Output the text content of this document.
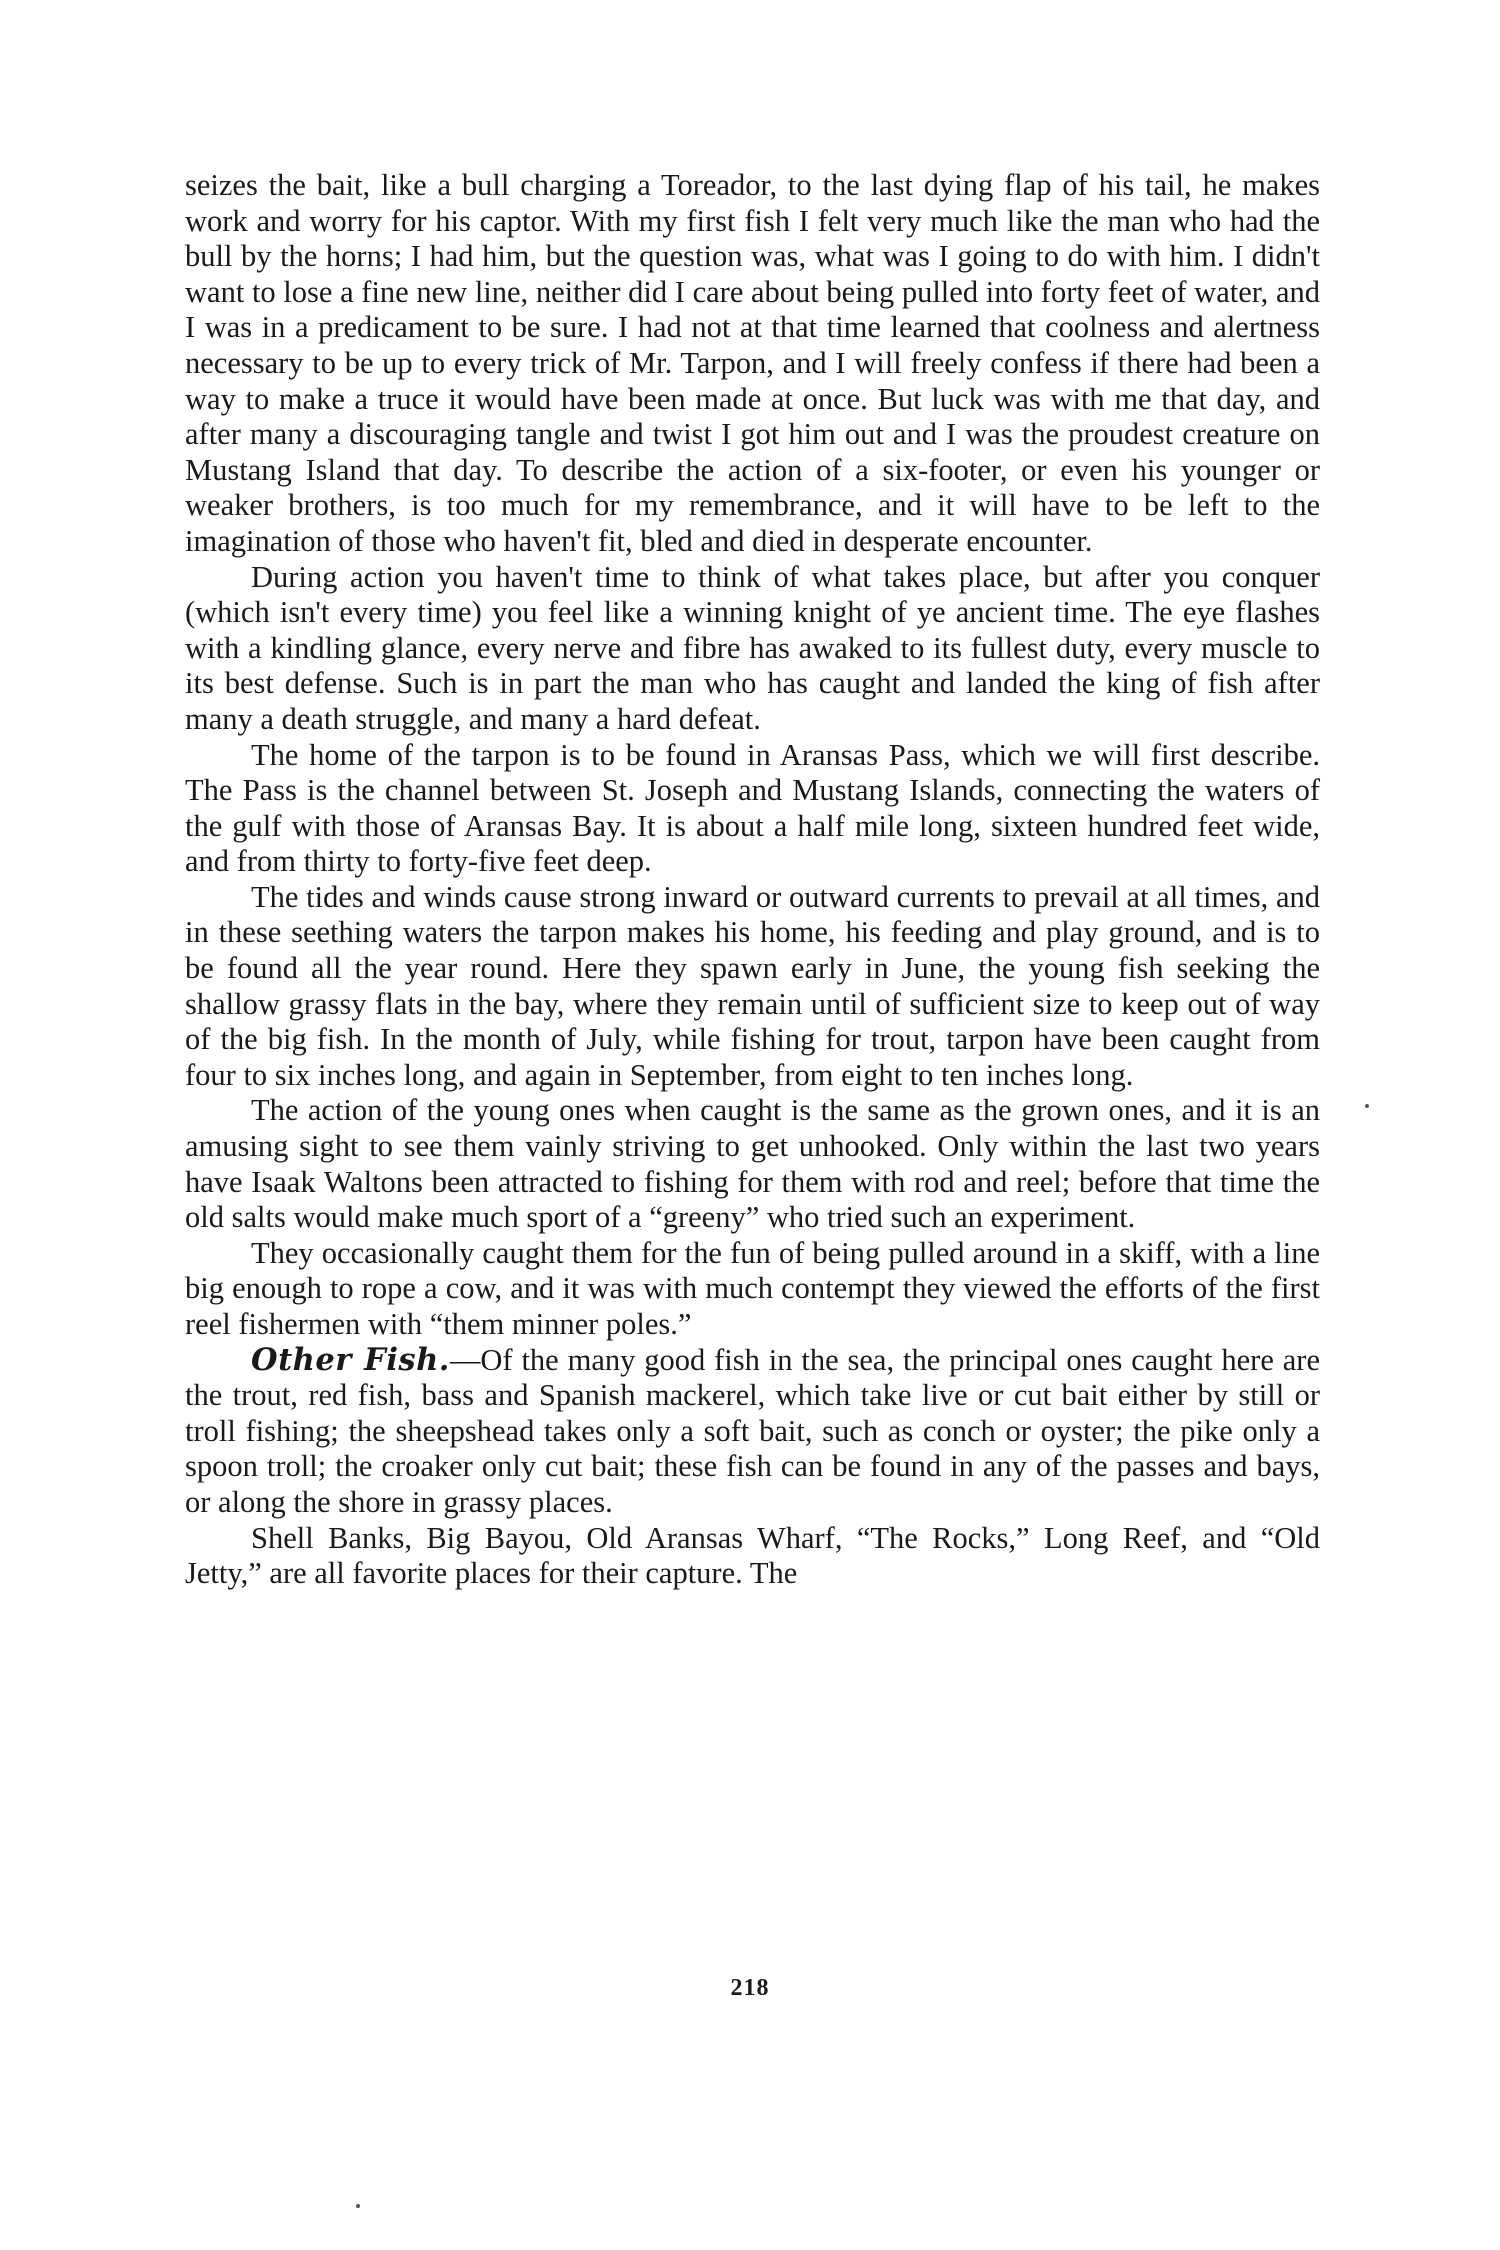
seizes the bait, like a bull charging a Toreador, to the last dying flap of his tail, he makes work and worry for his captor. With my first fish I felt very much like the man who had the bull by the horns; I had him, but the question was, what was I going to do with him. I didn't want to lose a fine new line, neither did I care about being pulled into forty feet of water, and I was in a predicament to be sure. I had not at that time learned that coolness and alertness necessary to be up to every trick of Mr. Tarpon, and I will freely confess if there had been a way to make a truce it would have been made at once. But luck was with me that day, and after many a discouraging tangle and twist I got him out and I was the proudest creature on Mustang Island that day. To describe the action of a six-footer, or even his younger or weaker brothers, is too much for my remembrance, and it will have to be left to the imagination of those who haven't fit, bled and died in desperate encounter.

During action you haven't time to think of what takes place, but after you conquer (which isn't every time) you feel like a winning knight of ye ancient time. The eye flashes with a kindling glance, every nerve and fibre has awaked to its fullest duty, every muscle to its best defense. Such is in part the man who has caught and landed the king of fish after many a death struggle, and many a hard defeat.

The home of the tarpon is to be found in Aransas Pass, which we will first describe. The Pass is the channel between St. Joseph and Mustang Islands, connecting the waters of the gulf with those of Aransas Bay. It is about a half mile long, sixteen hundred feet wide, and from thirty to forty-five feet deep.

The tides and winds cause strong inward or outward currents to prevail at all times, and in these seething waters the tarpon makes his home, his feeding and play ground, and is to be found all the year round. Here they spawn early in June, the young fish seeking the shallow grassy flats in the bay, where they remain until of sufficient size to keep out of way of the big fish. In the month of July, while fishing for trout, tarpon have been caught from four to six inches long, and again in September, from eight to ten inches long.

The action of the young ones when caught is the same as the grown ones, and it is an amusing sight to see them vainly striving to get unhooked. Only within the last two years have Isaak Waltons been attracted to fishing for them with rod and reel; before that time the old salts would make much sport of a “greeny” who tried such an experiment.

They occasionally caught them for the fun of being pulled around in a skiff, with a line big enough to rope a cow, and it was with much contempt they viewed the efforts of the first reel fishermen with “them minner poles.”

Other Fish.—Of the many good fish in the sea, the principal ones caught here are the trout, red fish, bass and Spanish mackerel, which take live or cut bait either by still or troll fishing; the sheepshead takes only a soft bait, such as conch or oyster; the pike only a spoon troll; the croaker only cut bait; these fish can be found in any of the passes and bays, or along the shore in grassy places.

Shell Banks, Big Bayou, Old Aransas Wharf, “The Rocks,” Long Reef, and “Old Jetty,” are all favorite places for their capture. The

218
